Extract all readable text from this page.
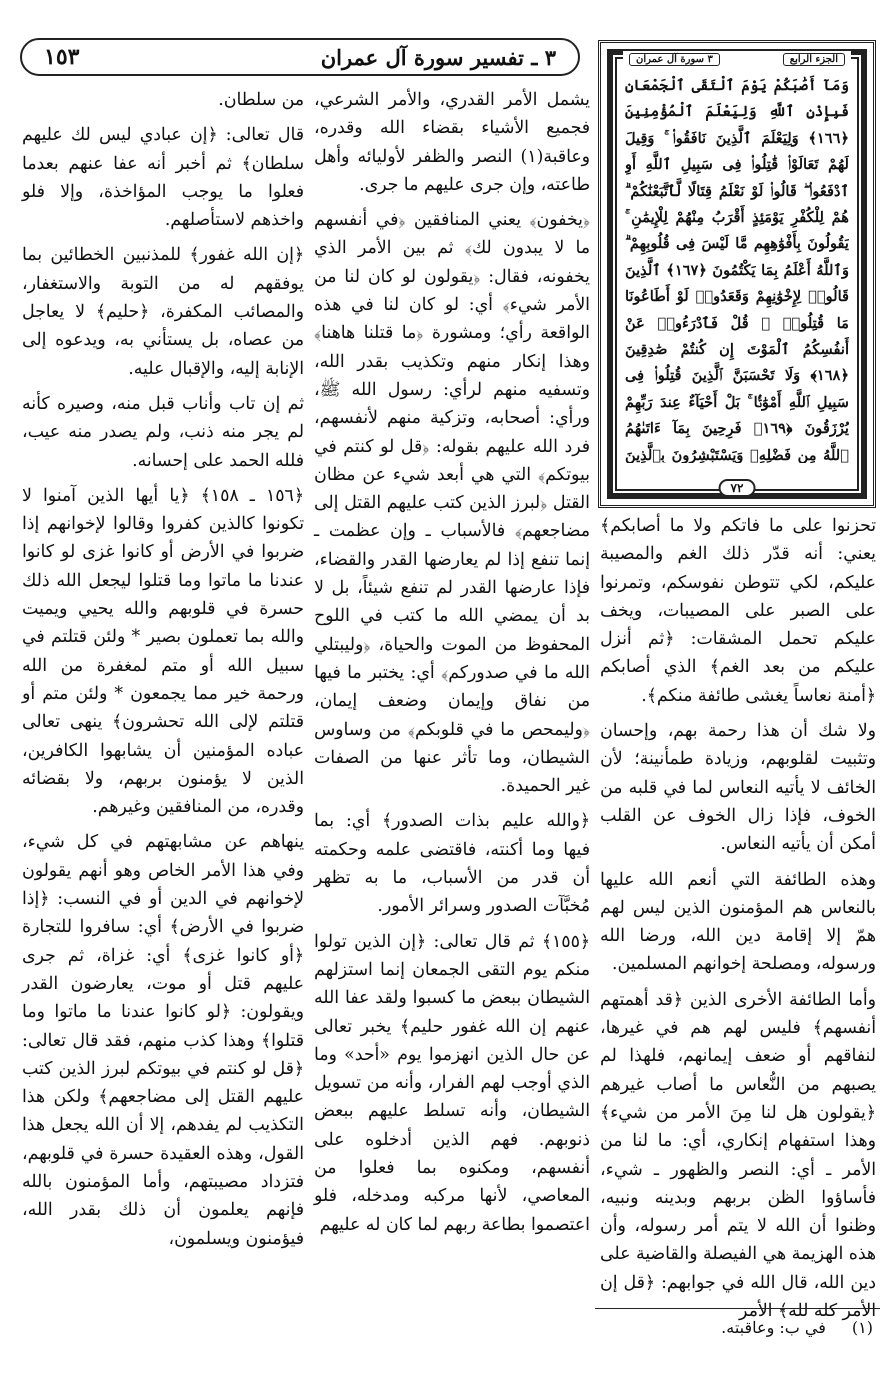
٣ ـ تفسير سورة آل عمران
١٥٣	الجزء الرابع
٣ سورة آل عمران
وَمَآ أَصَٰبَكُمْ يَوْمَ ٱلْتَقَى ٱلْجَمْعَانِ فَبِإِذْنِ ٱللَّهِ وَلِيَعْلَمَ ٱلْمُؤْمِنِينَ ﴿١٦٦﴾ وَلِيَعْلَمَ ٱلَّذِينَ نَافَقُوا۟ ۚ وَقِيلَ لَهُمْ تَعَالَوْا۟ قَٰتِلُوا۟ فِى سَبِيلِ ٱللَّهِ أَوِ ٱدْفَعُوا۟ ۖ قَالُوا۟ لَوْ نَعْلَمُ قِتَالًا لَّٱتَّبَعْنَٰكُمْ ۗ هُمْ لِلْكُفْرِ يَوْمَئِذٍ أَقْرَبُ مِنْهُمْ لِلْإِيمَٰنِ ۚ يَقُولُونَ بِأَفْوَٰهِهِم مَّا لَيْسَ فِى قُلُوبِهِمْ ۗ وَٱللَّهُ أَعْلَمُ بِمَا يَكْتُمُونَ ﴿١٦٧﴾ ٱلَّذِينَ قَالُوا۟ لِإِخْوَٰنِهِمْ وَقَعَدُوا۟ لَوْ أَطَاعُونَا مَا قُتِلُوا۟ ۗ قُلْ فَٱدْرَءُوا۟ عَنْ أَنفُسِكُمُ ٱلْمَوْتَ إِن كُنتُمْ صَٰدِقِينَ ﴿١٦٨﴾ وَلَا تَحْسَبَنَّ ٱلَّذِينَ قُتِلُوا۟ فِى سَبِيلِ ٱللَّهِ أَمْوَٰتًۢا ۚ بَلْ أَحْيَآءٌ عِندَ رَبِّهِمْ يُرْزَقُونَ ﴿١٦٩﴾ فَرِحِينَ بِمَآ ءَاتَىٰهُمُ ٱللَّهُ مِن فَضْلِهِۦ وَيَسْتَبْشِرُونَ بِٱلَّذِينَ
٧٢

تحزنوا على ما فاتكم ولا ما أصابكم﴾ يعني: أنه قدّر ذلك الغم والمصيبة عليكم، لكي تتوطن نفوسكم، وتمرنوا على الصبر على المصيبات، ويخف عليكم تحمل المشقات: ﴿ثم أنزل عليكم من بعد الغم﴾ الذي أصابكم ﴿أمنة نعاساً يغشى طائفة منكم﴾.

ولا شك أن هذا رحمة بهم، وإحسان وتثبيت لقلوبهم، وزيادة طمأنينة؛ لأن الخائف لا يأتيه النعاس لما في قلبه من الخوف، فإذا زال الخوف عن القلب أمكن أن يأتيه النعاس.

وهذه الطائفة التي أنعم الله عليها بالنعاس هم المؤمنون الذين ليس لهم همّ إلا إقامة دين الله، ورضا الله ورسوله، ومصلحة إخوانهم المسلمين.

وأما الطائفة الأخرى الذين ﴿قد أهمتهم أنفسهم﴾ فليس لهم هم في غيرها، لنفاقهم أو ضعف إيمانهم، فلهذا لم يصبهم من النُّعاس ما أصاب غيرهم ﴿يقولون هل لنا مِنَ الأمر من شيء﴾ وهذا استفهام إنكاري، أي: ما لنا من الأمر ـ أي: النصر والظهور ـ شيء، فأساؤوا الظن بربهم وبدينه ونبيه، وظنوا أن الله لا يتم أمر رسوله، وأن هذه الهزيمة هي الفيصلة والقاضية على دين الله، قال الله في جوابهم: ﴿قل إن الأمر كله لله﴾ الأمر

يشمل الأمر القدري، والأمر الشرعي، فجميع الأشياء بقضاء الله وقدره، وعاقبة(١) النصر والظفر لأوليائه وأهل طاعته، وإن جرى عليهم ما جرى.

﴿يخفون﴾ يعني المنافقين ﴿في أنفسهم ما لا يبدون لك﴾ ثم بين الأمر الذي يخفونه، فقال: ﴿يقولون لو كان لنا من الأمر شيء﴾ أي: لو كان لنا في هذه الواقعة رأي؛ ومشورة ﴿ما قتلنا هاهنا﴾ وهذا إنكار منهم وتكذيب بقدر الله، وتسفيه منهم لرأي: رسول الله ﷺ، ورأي: أصحابه، وتزكية منهم لأنفسهم، فرد الله عليهم بقوله: ﴿قل لو كنتم في بيوتكم﴾ التي هي أبعد شيء عن مظان القتل ﴿لبرز الذين كتب عليهم القتل إلى مضاجعهم﴾ فالأسباب ـ وإن عظمت ـ إنما تنفع إذا لم يعارضها القدر والقضاء، فإذا عارضها القدر لم تنفع شيئاً، بل لا بد أن يمضي الله ما كتب في اللوح المحفوظ من الموت والحياة، ﴿وليبتلي الله ما في صدوركم﴾ أي: يختبر ما فيها من نفاق وإيمان وضعف إيمان، ﴿وليمحص ما في قلوبكم﴾ من وساوس الشيطان، وما تأثر عنها من الصفات غير الحميدة.

﴿والله عليم بذات الصدور﴾ أي: بما فيها وما أكنته، فاقتضى علمه وحكمته أن قدر من الأسباب، ما به تظهر مُخبَّآت الصدور وسرائر الأمور.

﴿١٥٥﴾ ثم قال تعالى: ﴿إن الذين تولوا منكم يوم التقى الجمعان إنما استزلهم الشيطان ببعض ما كسبوا ولقد عفا الله عنهم إن الله غفور حليم﴾ يخبر تعالى عن حال الذين انهزموا يوم «أحد» وما الذي أوجب لهم الفرار، وأنه من تسويل الشيطان، وأنه تسلط عليهم ببعض ذنوبهم. فهم الذين أدخلوه على أنفسهم، ومكنوه بما فعلوا من المعاصي، لأنها مركبه ومدخله، فلو اعتصموا بطاعة ربهم لما كان له عليهم

من سلطان.

قال تعالى: ﴿إن عبادي ليس لك عليهم سلطان﴾ ثم أخبر أنه عفا عنهم بعدما فعلوا ما يوجب المؤاخذة، وإلا فلو واخذهم لاستأصلهم.

﴿إن الله غفور﴾ للمذنبين الخطائين بما يوفقهم له من التوبة والاستغفار، والمصائب المكفرة، ﴿حليم﴾ لا يعاجل من عصاه، بل يستأني به، ويدعوه إلى الإنابة إليه، والإقبال عليه.

ثم إن تاب وأناب قبل منه، وصيره كأنه لم يجر منه ذنب، ولم يصدر منه عيب، فلله الحمد على إحسانه.

﴿١٥٦ ـ ١٥٨﴾ ﴿يا أيها الذين آمنوا لا تكونوا كالذين كفروا وقالوا لإخوانهم إذا ضربوا في الأرض أو كانوا غزى لو كانوا عندنا ما ماتوا وما قتلوا ليجعل الله ذلك حسرة في قلوبهم والله يحيي ويميت والله بما تعملون بصير * ولئن قتلتم في سبيل الله أو متم لمغفرة من الله ورحمة خير مما يجمعون * ولئن متم أو قتلتم لإلى الله تحشرون﴾ ينهى تعالى عباده المؤمنين أن يشابهوا الكافرين، الذين لا يؤمنون بربهم، ولا بقضائه وقدره، من المنافقين وغيرهم.

ينهاهم عن مشابهتهم في كل شيء، وفي هذا الأمر الخاص وهو أنهم يقولون لإخوانهم في الدين أو في النسب: ﴿إذا ضربوا في الأرض﴾ أي: سافروا للتجارة ﴿أو كانوا غزى﴾ أي: غزاة، ثم جرى عليهم قتل أو موت، يعارضون القدر ويقولون: ﴿لو كانوا عندنا ما ماتوا وما قتلوا﴾ وهذا كذب منهم، فقد قال تعالى: ﴿قل لو كنتم في بيوتكم لبرز الذين كتب عليهم القتل إلى مضاجعهم﴾ ولكن هذا التكذيب لم يفدهم، إلا أن الله يجعل هذا القول، وهذه العقيدة حسرة في قلوبهم، فتزداد مصيبتهم، وأما المؤمنون بالله فإنهم يعلمون أن ذلك بقدر الله، فيؤمنون ويسلمون،

(١)
في ب: وعاقبته.
